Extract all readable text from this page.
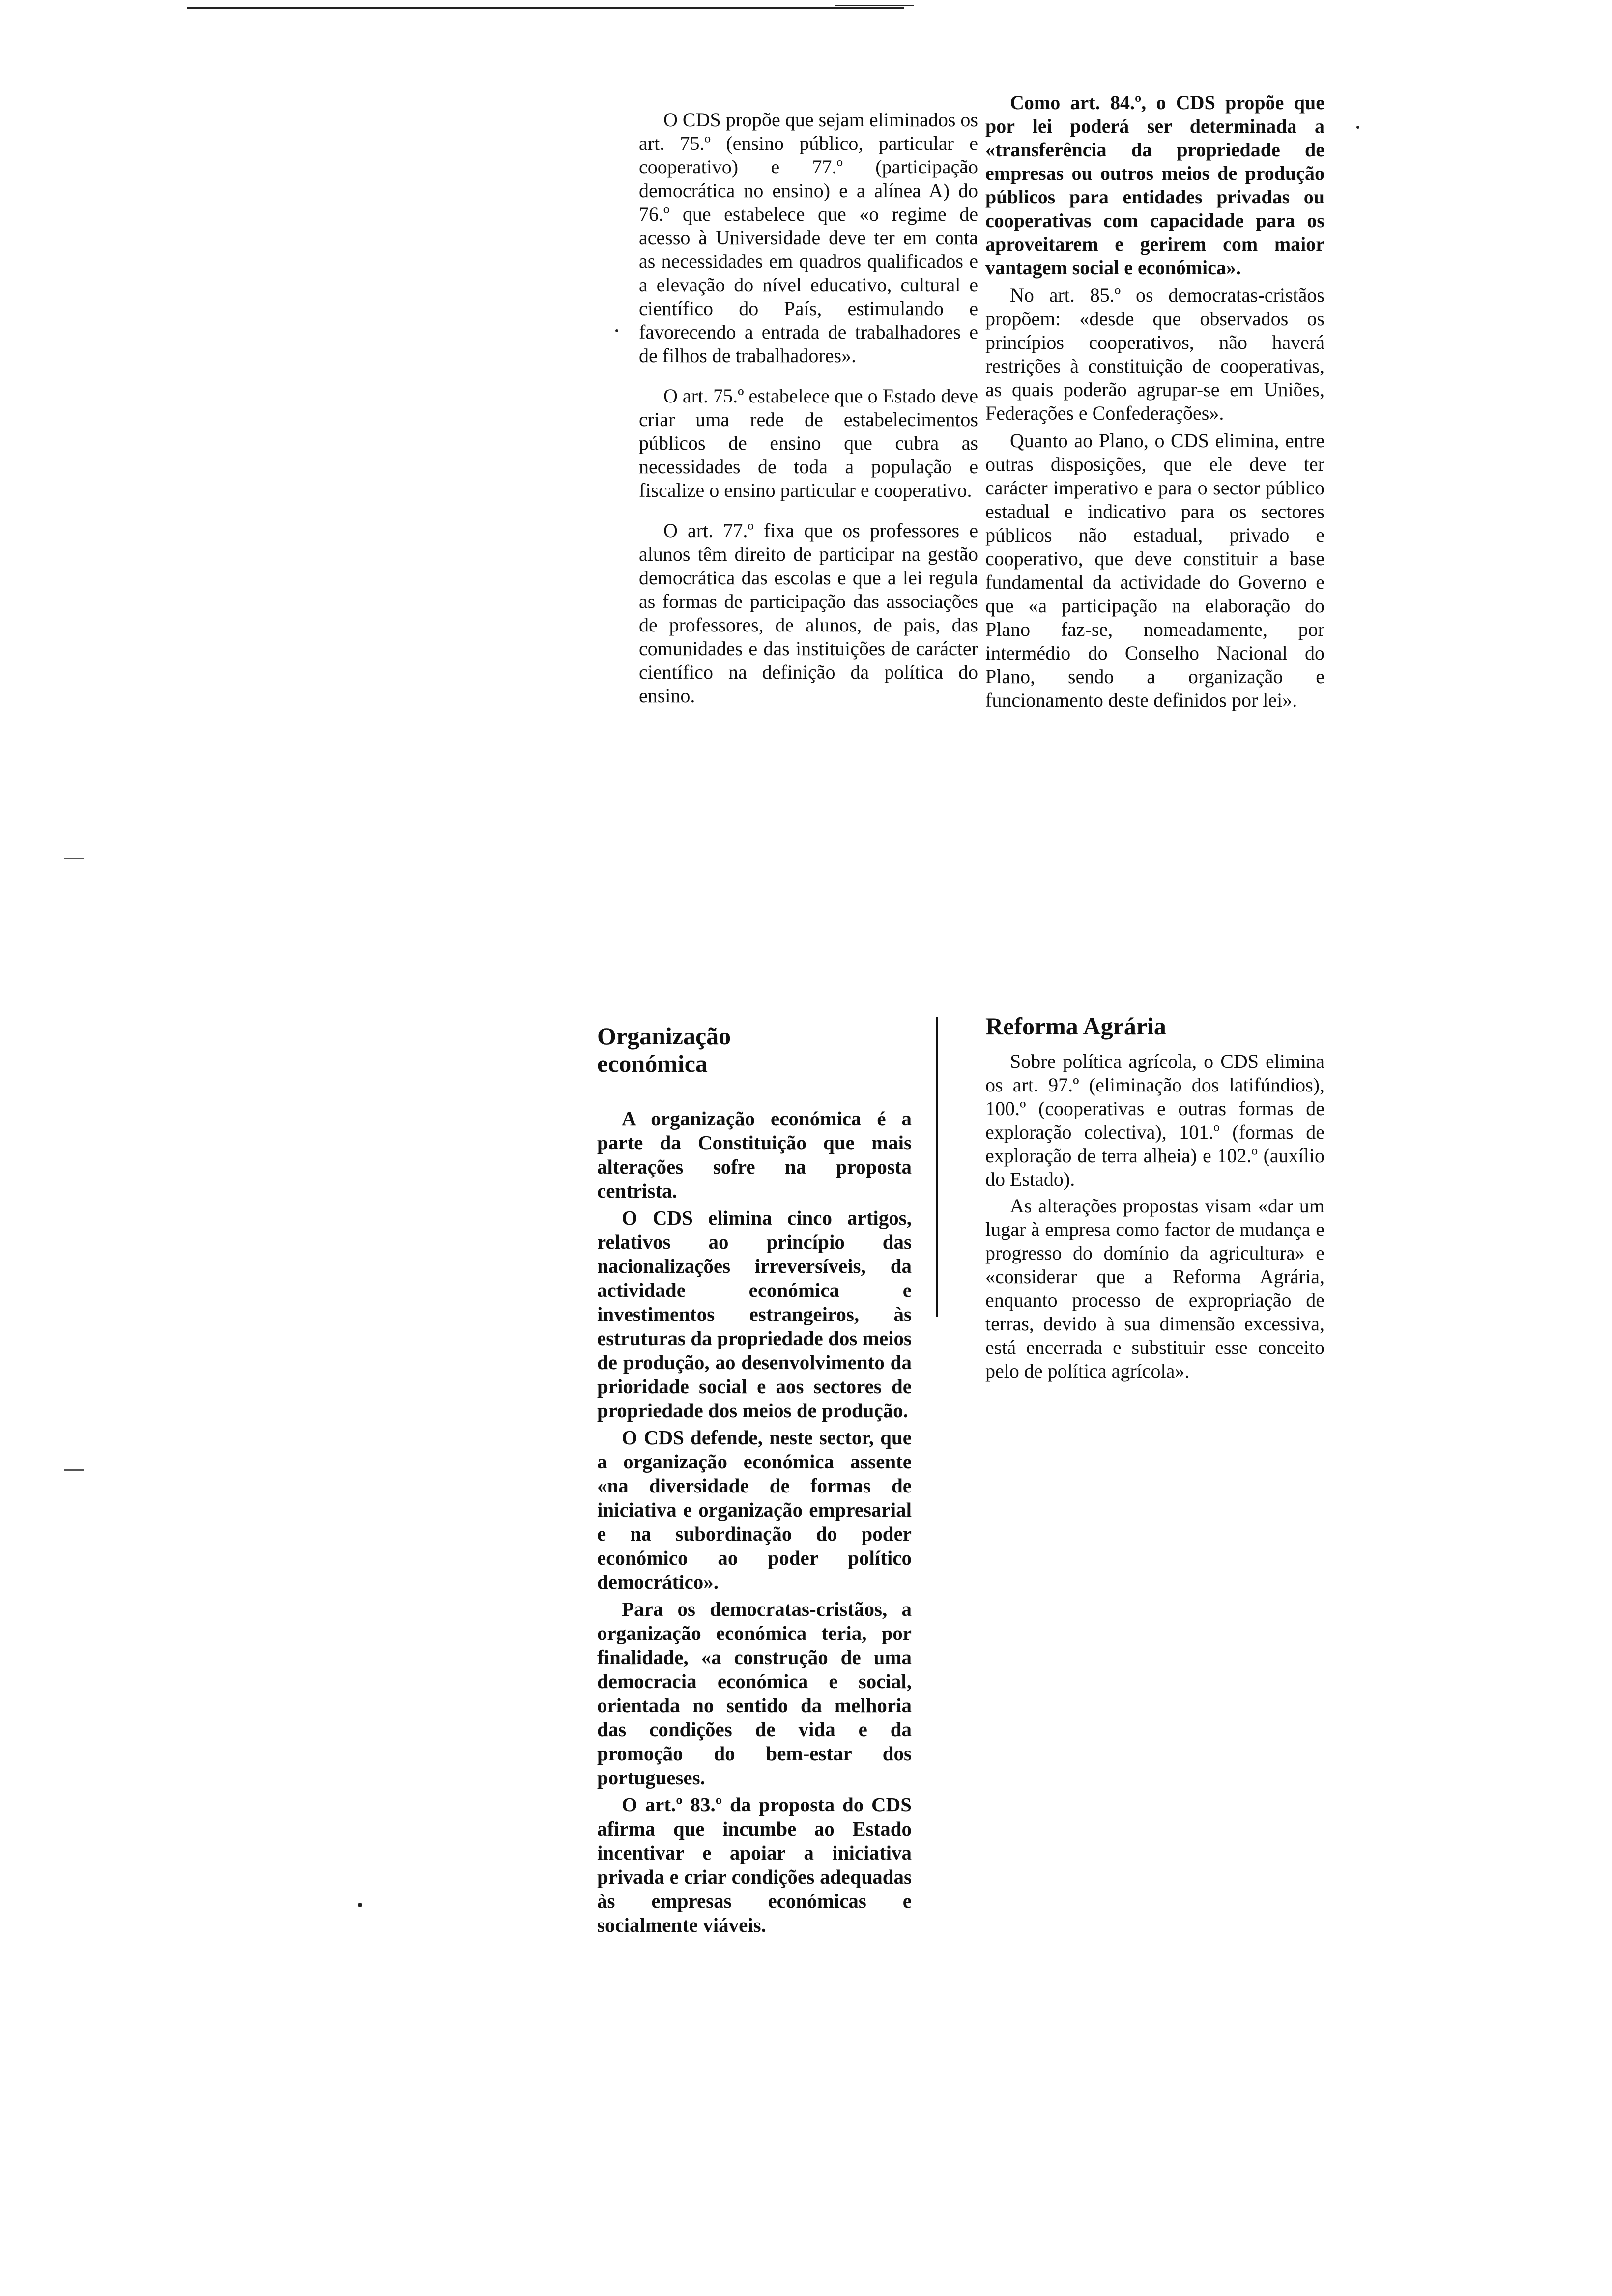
O CDS propõe que sejam eliminados os art. 75.º (ensino público, particular e cooperativo) e 77.º (participação democrática no ensino) e a alínea A) do 76.º que estabelece que «o regime de acesso à Universidade deve ter em conta as necessidades em quadros qualificados e a elevação do nível educativo, cultural e científico do País, estimulando e favorecendo a entrada de trabalhadores e de filhos de trabalhadores».

O art. 75.º estabelece que o Estado deve criar uma rede de estabelecimentos públicos de ensino que cubra as necessidades de toda a população e fiscalize o ensino particular e cooperativo.

O art. 77.º fixa que os professores e alunos têm direito de participar na gestão democrática das escolas e que a lei regula as formas de participação das associações de professores, de alunos, de pais, das comunidades e das instituições de carácter científico na definição da política do ensino.

Organização
económica

A organização económica é a parte da Constituição que mais alterações sofre na proposta centrista.

O CDS elimina cinco artigos, relativos ao princípio das nacionalizações irreversíveis, da actividade económica e investimentos estrangeiros, às estruturas da propriedade dos meios de produção, ao desenvolvimento da prioridade social e aos sectores de propriedade dos meios de produção.

O CDS defende, neste sector, que a organização económica assente «na diversidade de formas de iniciativa e organização empresarial e na subordinação do poder económico ao poder político democrático».

Para os democratas-cristãos, a organização económica teria, por finalidade, «a construção de uma democracia económica e social, orientada no sentido da melhoria das condições de vida e da promoção do bem-estar dos portugueses.

O art.º 83.º da proposta do CDS afirma que incumbe ao Estado incentivar e apoiar a iniciativa privada e criar condições adequadas às empresas económicas e socialmente viáveis.

Como art. 84.º, o CDS propõe que por lei poderá ser determinada a «transferência da propriedade de empresas ou outros meios de produção públicos para entidades privadas ou cooperativas com capacidade para os aproveitarem e gerirem com maior vantagem social e económica».

No art. 85.º os democratas-cristãos propõem: «desde que observados os princípios cooperativos, não haverá restrições à constituição de cooperativas, as quais poderão agrupar-se em Uniões, Federações e Confederações».

Quanto ao Plano, o CDS elimina, entre outras disposições, que ele deve ter carácter imperativo e para o sector público estadual e indicativo para os sectores públicos não estadual, privado e cooperativo, que deve constituir a base fundamental da actividade do Governo e que «a participação na elaboração do Plano faz-se, nomeadamente, por intermédio do Conselho Nacional do Plano, sendo a organização e funcionamento deste definidos por lei».

Reforma Agrária

Sobre política agrícola, o CDS elimina os art. 97.º (eliminação dos latifúndios), 100.º (cooperativas e outras formas de exploração colectiva), 101.º (formas de exploração de terra alheia) e 102.º (auxílio do Estado).

As alterações propostas visam «dar um lugar à empresa como factor de mudança e progresso do domínio da agricultura» e «considerar que a Reforma Agrária, enquanto processo de expropriação de terras, devido à sua dimensão excessiva, está encerrada e substituir esse conceito pelo de política agrícola».
